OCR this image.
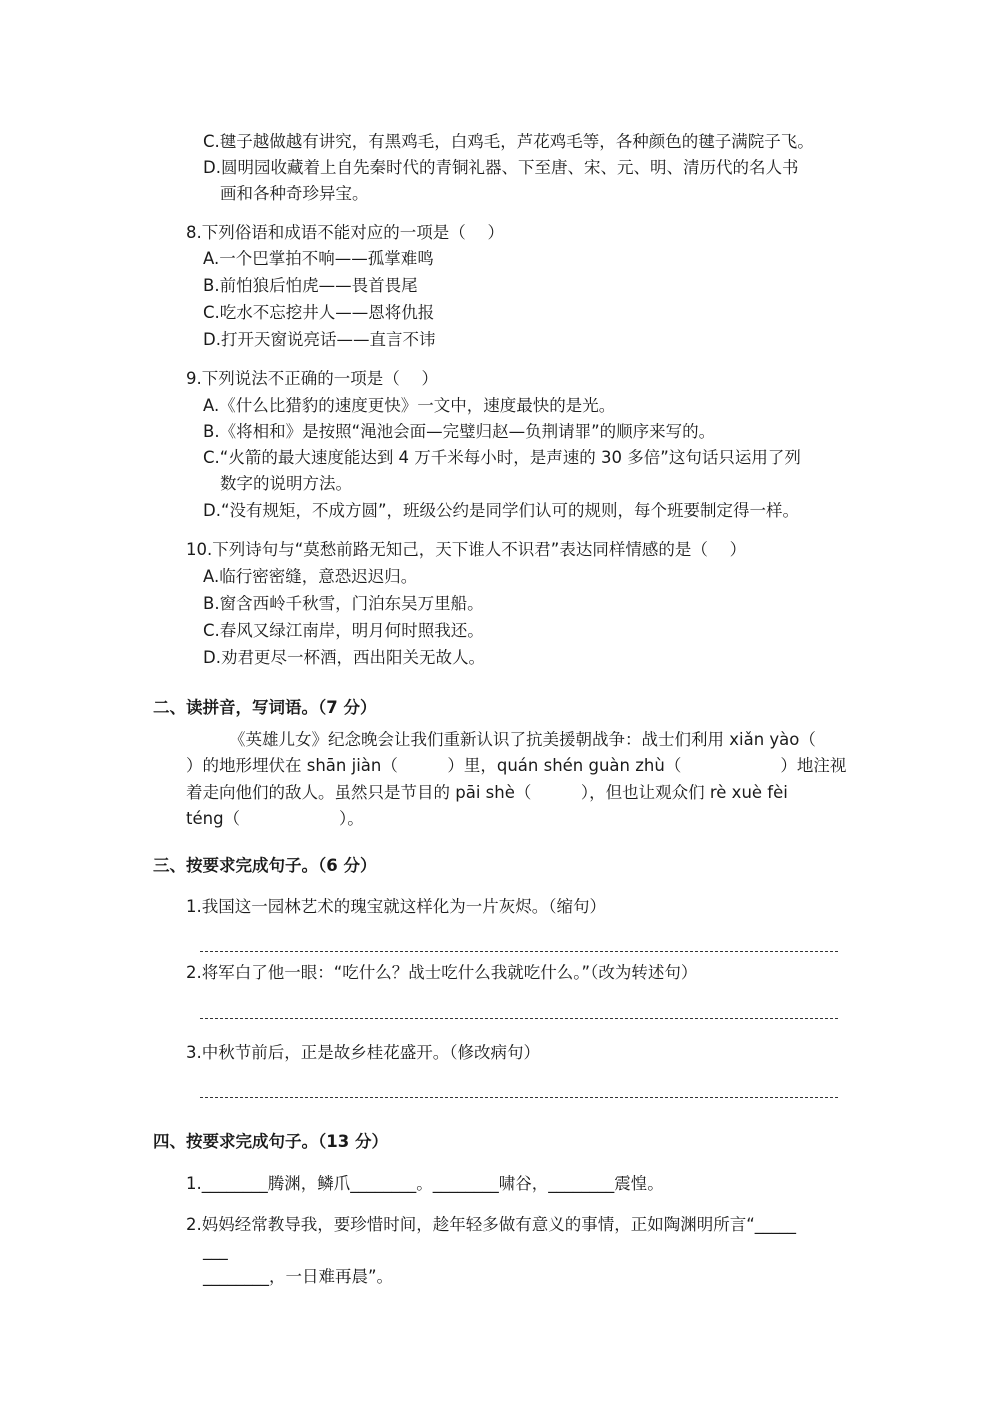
C.毽子越做越有讲究，有黑鸡毛，白鸡毛，芦花鸡毛等，各种颜色的毽子满院子飞。
D.圆明园收藏着上自先秦时代的青铜礼器、下至唐、宋、元、明、清历代的名人书
画和各种奇珍异宝。
8.下列俗语和成语不能对应的一项是（　 ）
A.一个巴掌拍不响——孤掌难鸣
B.前怕狼后怕虎——畏首畏尾
C.吃水不忘挖井人——恩将仇报
D.打开天窗说亮话——直言不讳
9.下列说法不正确的一项是（　 ）
A.《什么比猎豹的速度更快》一文中，速度最快的是光。
B.《将相和》是按照“渑池会面—完璧归赵—负荆请罪”的顺序来写的。
C.“火箭的最大速度能达到 4 万千米每小时，是声速的 30 多倍”这句话只运用了列
数字的说明方法。
D.“没有规矩，不成方圆”，班级公约是同学们认可的规则，每个班要制定得一样。
10.下列诗句与“莫愁前路无知己，天下谁人不识君”表达同样情感的是（　 ）
A.临行密密缝，意恐迟迟归。
B.窗含西岭千秋雪，门泊东吴万里船。
C.春风又绿江南岸，明月何时照我还。
D.劝君更尽一杯酒，西出阳关无故人。
二、读拼音，写词语。（7 分）
《英雄儿女》纪念晚会让我们重新认识了抗美援朝战争：战士们利用 xiǎn yào（
）的地形埋伏在 shān jiàn（　　　）里，quán shén guàn zhù（　　　　　　）地注视
着走向他们的敌人。虽然只是节目的 pāi shè（　　　），但也让观众们 rè xuè fèi
téng（　　　　　　）。
三、按要求完成句子。（6 分）
1.我国这一园林艺术的瑰宝就这样化为一片灰烬。（缩句）
2.将军白了他一眼：“吃什么？战士吃什么我就吃什么。”（改为转述句）
3.中秋节前后，正是故乡桂花盛开。（修改病句）
四、按要求完成句子。（13 分）
1.________腾渊，鳞爪________。________啸谷，________震惶。
2.妈妈经常教导我，要珍惜时间，趁年轻多做有意义的事情，正如陶渊明所言“_____
___
________，一日难再晨”。
